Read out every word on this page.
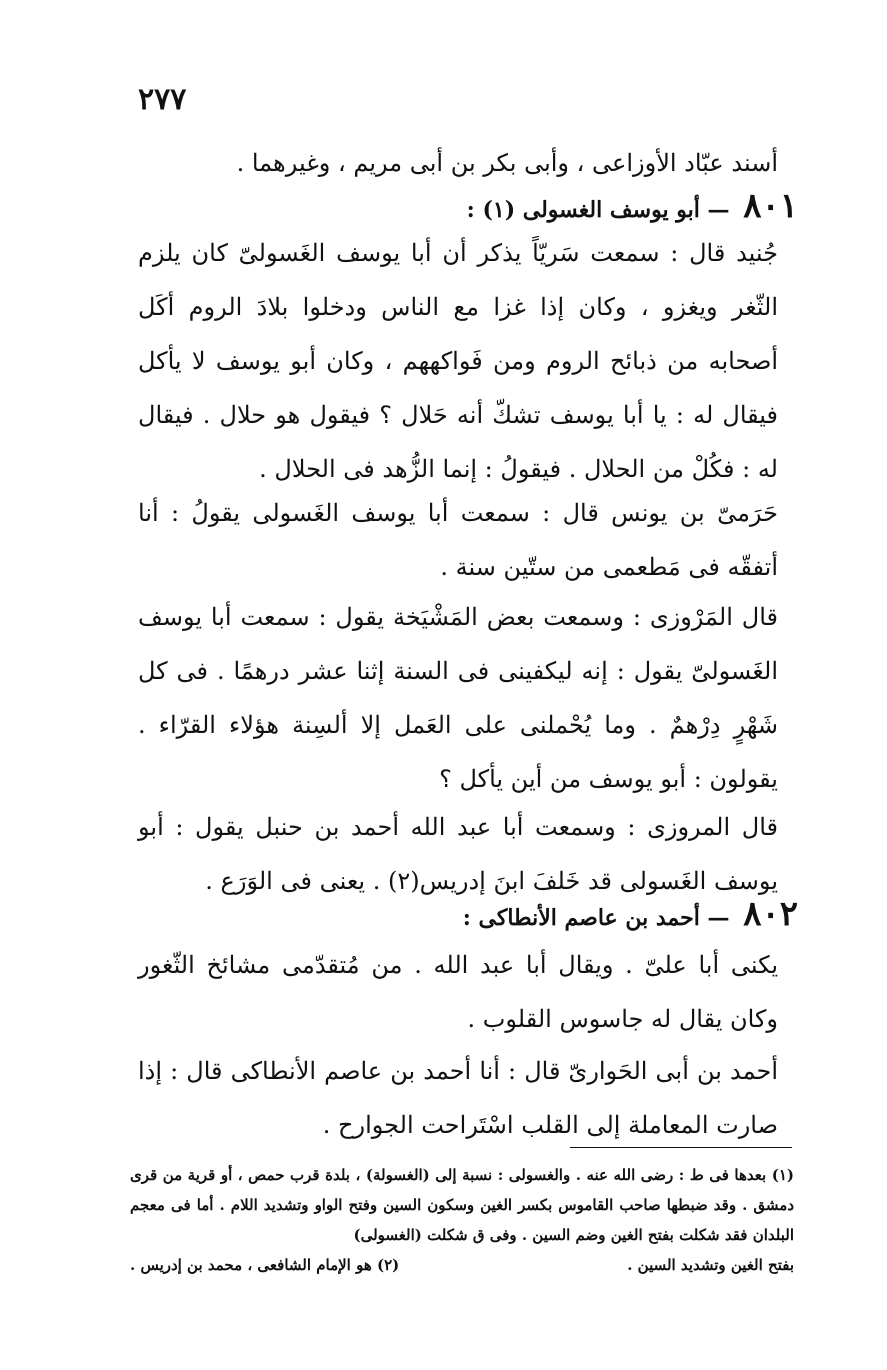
٢٧٧

أسند عبّاد الأوزاعى ، وأبى بكر بن أبى مريم ، وغيرهما .

٨٠١ — أبو يوسف الغسولى (١) :

جُنيد قال : سمعت سَريّاً يذكر أن أبا يوسف الغَسولىّ كان يلزم الثّغر ويغزو ، وكان إذا غزا مع الناس ودخلوا بلادَ الروم أكَل أصحابه من ذبائح الروم ومن فَواكههم ، وكان أبو يوسف لا يأكل فيقال له : يا أبا يوسف تشكّ أنه حَلال ؟ فيقول هو حلال . فيقال له : فكُلْ من الحلال . فيقولُ : إنما الزُّهد فى الحلال .

حَرَمىّ بن يونس قال : سمعت أبا يوسف الغَسولى يقولُ : أنا أتفقّه فى مَطعمى من ستّين سنة .

قال المَرْوزى : وسمعت بعض المَشْيَخة يقول : سمعت أبا يوسف الغَسولىّ يقول : إنه ليكفينى فى السنة إثنا عشر درهمًا . فى كل شَهْرٍ دِرْهمٌ . وما يُحْملنى على العَمل إلا ألسِنة هؤلاء القرّاء . يقولون : أبو يوسف من أين يأكل ؟

قال المروزى : وسمعت أبا عبد الله أحمد بن حنبل يقول : أبو يوسف الغَسولى قد خَلفَ ابنَ إدريس(٢) . يعنى فى الوَرَع .

٨٠٢ — أحمد بن عاصم الأنطاكى :

يكنى أبا علىّ . ويقال أبا عبد الله . من مُتقدّمى مشائخ الثّغور وكان يقال له جاسوس القلوب .

أحمد بن أبى الحَوارىّ قال : أنا أحمد بن عاصم الأنطاكى قال : إذا صارت المعاملة إلى القلب اسْتَراحت الجوارح .

(١) بعدها فى ط : رضى الله عنه . والغسولى : نسبة إلى (الغسولة) ، بلدة قرب حمص ، أو قرية من قرى دمشق . وقد ضبطها صاحب القاموس بكسر الغين وسكون السين وفتح الواو وتشديد اللام . أما فى معجم البلدان فقد شكلت بفتح الغين وضم السين . وفى ق شكلت (الغسولى)

بفتح الغين وتشديد السين .
(٢) هو الإمام الشافعى ، محمد بن إدريس .
